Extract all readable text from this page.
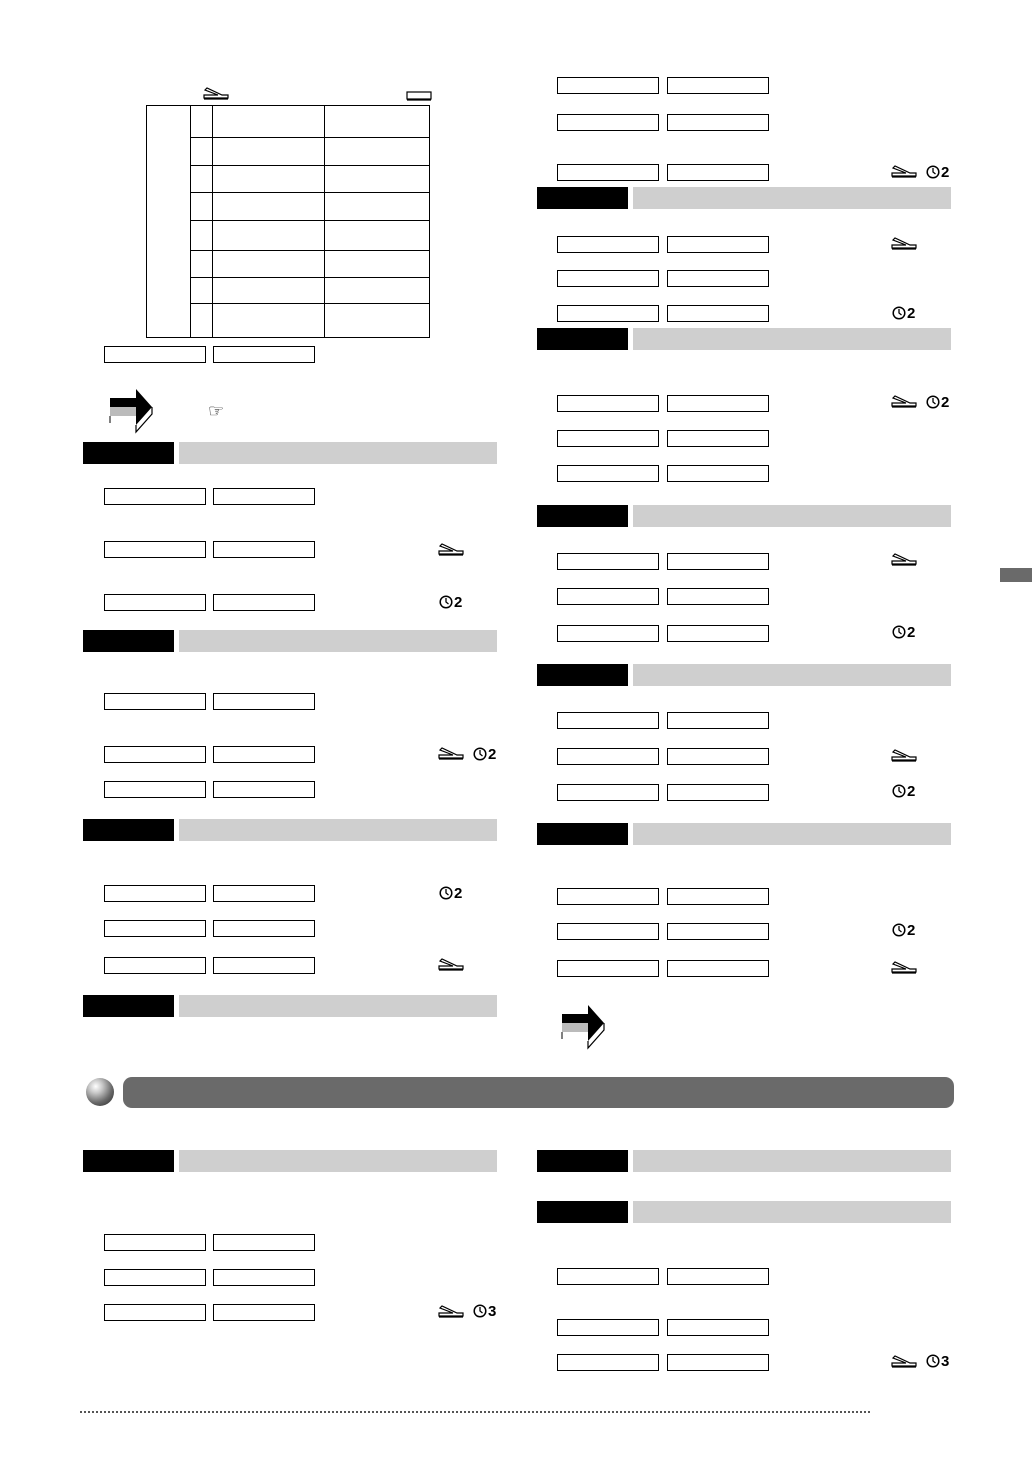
☞
2
2
2
2
2
2
2
2
2
3
3
